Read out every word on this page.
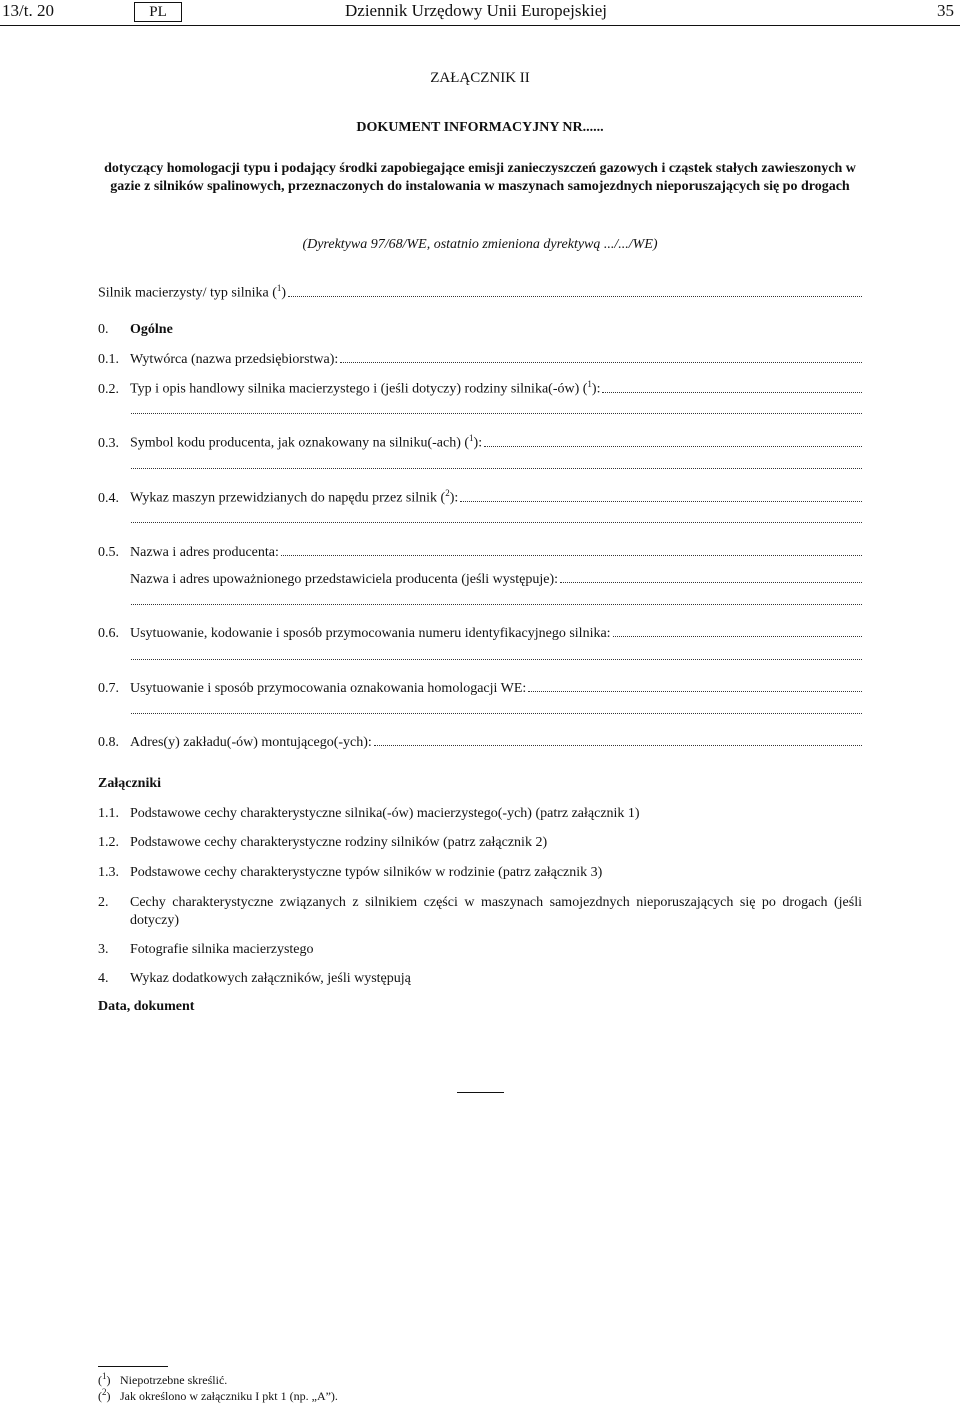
13/t. 20	PL	Dziennik Urzędowy Unii Europejskiej	35
ZAŁĄCZNIK II
DOKUMENT INFORMACYJNY NR......
dotyczący homologacji typu i podający środki zapobiegające emisji zanieczyszczeń gazowych i cząstek stałych zawieszonych w gazie z silników spalinowych, przeznaczonych do instalowania w maszynach samojezdnych nieporuszających się po drogach
(Dyrektywa 97/68/WE, ostatnio zmieniona dyrektywą .../.../WE)
Silnik macierzysty/ typ silnika ($^1$)
0. Ogólne
0.1. Wytwórca (nazwa przedsiębiorstwa):
0.2. Typ i opis handlowy silnika macierzystego i (jeśli dotyczy) rodziny silnika(-ów) ($^1$):
0.3. Symbol kodu producenta, jak oznakowany na silniku(-ach) ($^1$):
0.4. Wykaz maszyn przewidzianych do napędu przez silnik ($^2$):
0.5. Nazwa i adres producenta:
Nazwa i adres upoważnionego przedstawiciela producenta (jeśli występuje):
0.6. Usytuowanie, kodowanie i sposób przymocowania numeru identyfikacyjnego silnika:
0.7. Usytuowanie i sposób przymocowania oznakowania homologacji WE:
0.8. Adres(y) zakładu(-ów) montującego(-ych):
Załączniki
1.1. Podstawowe cechy charakterystyczne silnika(-ów) macierzystego(-ych) (patrz załącznik 1)
1.2. Podstawowe cechy charakterystyczne rodziny silników (patrz załącznik 2)
1.3. Podstawowe cechy charakterystyczne typów silników w rodzinie (patrz załącznik 3)
2.	Cechy charakterystyczne związanych z silnikiem części w maszynach samojezdnych nieporuszających się po drogach (jeśli dotyczy)
3.	Fotografie silnika macierzystego
4.	Wykaz dodatkowych załączników, jeśli występują
Data, dokument
($^1$) Niepotrzebne skreślić.
($^2$) Jak określono w załączniku I pkt 1 (np. „A”).
